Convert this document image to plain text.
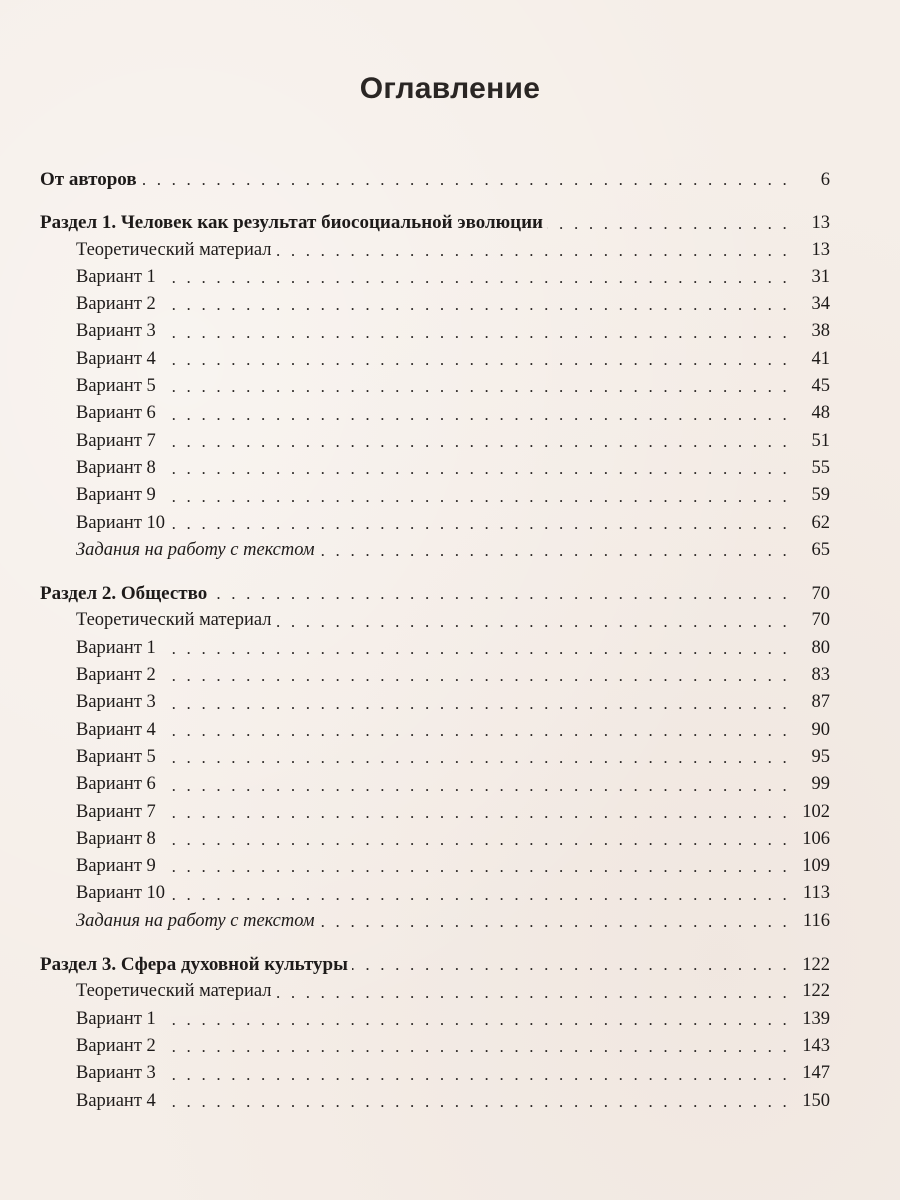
Оглавление
От авторов . . .	6
Раздел 1. Человек как результат биосоциальной эволюции . . .	13
Теоретический материал . . .	13
Вариант 1 . . .	31
Вариант 2 . . .	34
Вариант 3 . . .	38
Вариант 4 . . .	41
Вариант 5 . . .	45
Вариант 6 . . .	48
Вариант 7 . . .	51
Вариант 8 . . .	55
Вариант 9 . . .	59
Вариант 10 . . .	62
Задания на работу с текстом . . .	65
Раздел 2. Общество . . .	70
Теоретический материал . . .	70
Вариант 1 . . .	80
Вариант 2 . . .	83
Вариант 3 . . .	87
Вариант 4 . . .	90
Вариант 5 . . .	95
Вариант 6 . . .	99
Вариант 7 . . .	102
Вариант 8 . . .	106
Вариант 9 . . .	109
Вариант 10 . . .	113
Задания на работу с текстом . . .	116
Раздел 3. Сфера духовной культуры . . .	122
Теоретический материал . . .	122
Вариант 1 . . .	139
Вариант 2 . . .	143
Вариант 3 . . .	147
Вариант 4 . . .	150
